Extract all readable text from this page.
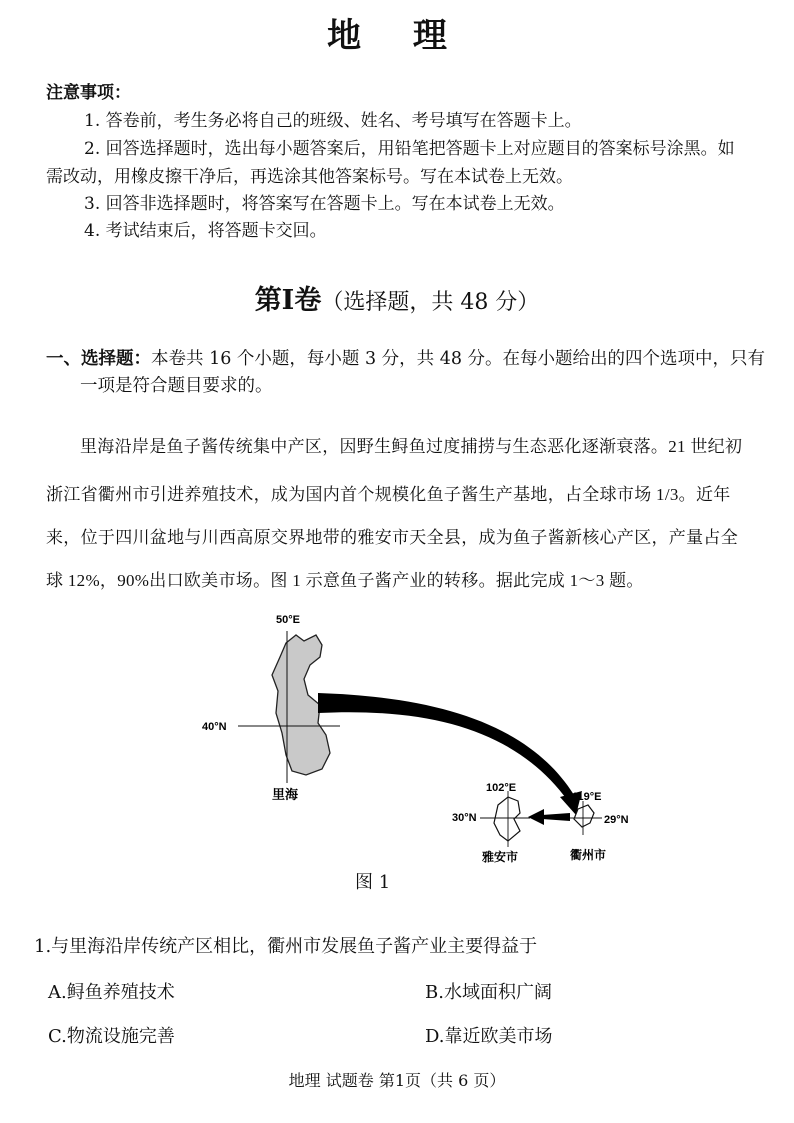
地 理
注意事项：
1. 答卷前，考生务必将自己的班级、姓名、考号填写在答题卡上。
2. 回答选择题时，选出每小题答案后，用铅笔把答题卡上对应题目的答案标号涂黑。如
需改动，用橡皮擦干净后，再选涂其他答案标号。写在本试卷上无效。
3. 回答非选择题时，将答案写在答题卡上。写在本试卷上无效。
4. 考试结束后，将答题卡交回。
第Ⅰ卷（选择题，共 48 分）
一、选择题：本卷共 16 个小题，每小题 3 分，共 48 分。在每小题给出的四个选项中，只有
一项是符合题目要求的。
里海沿岸是鱼子酱传统集中产区，因野生鲟鱼过度捕捞与生态恶化逐渐衰落。21 世纪初
浙江省衢州市引进养殖技术，成为国内首个规模化鱼子酱生产基地，占全球市场 1/3。近年
来，位于四川盆地与川西高原交界地带的雅安市天全县，成为鱼子酱新核心产区，产量占全
球 12%，90%出口欧美市场。图 1 示意鱼子酱产业的转移。据此完成 1～3 题。
50°E
40°N
里海	102°E
30°N
雅安市
119°E
29°N
衢州市
图 1
1.与里海沿岸传统产区相比，衢州市发展鱼子酱产业主要得益于
A.鲟鱼养殖技术	B.水域面积广阔
C.物流设施完善	D.靠近欧美市场
地理 试题卷 第1页（共 6 页）
